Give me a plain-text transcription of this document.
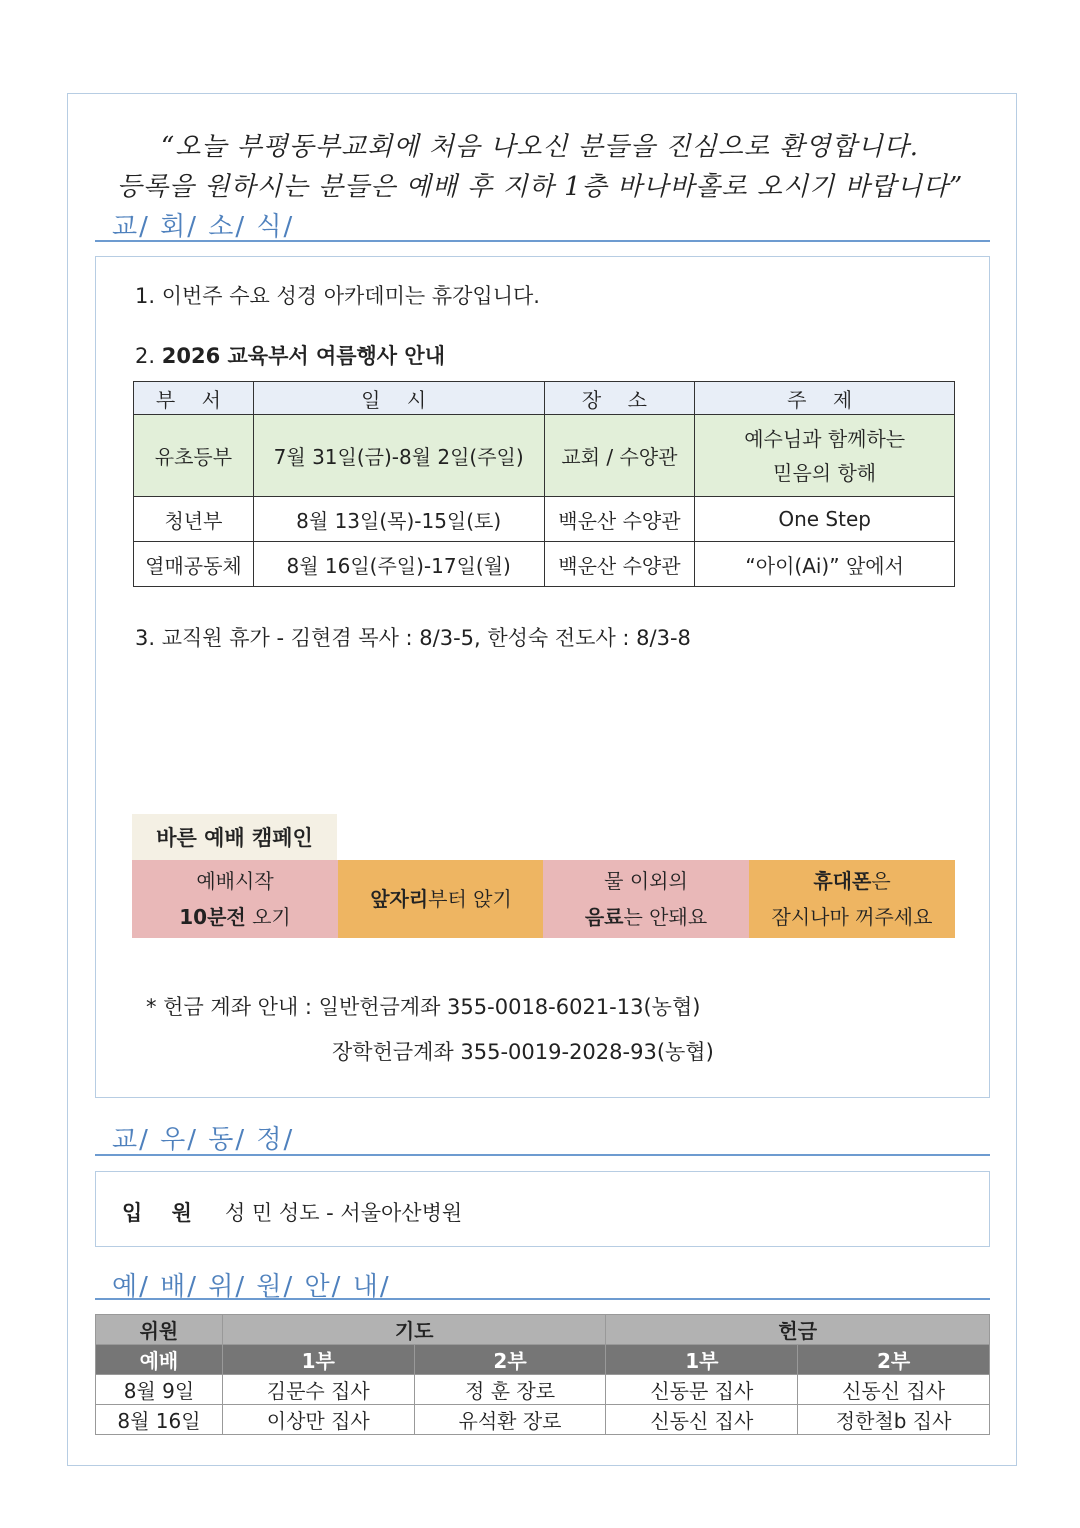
“오늘 부평동부교회에 처음 나오신 분들을 진심으로 환영합니다.
등록을 원하시는 분들은 예배 후 지하 1층 바나바홀로 오시기 바랍니다”
교/ 회/ 소/ 식/
1. 이번주 수요 성경 아카데미는 휴강입니다.
2. 2026 교육부서 여름행사 안내
부 서	일 시	장 소	주 제
유초등부	7월 31일(금)-8월 2일(주일)	교회 / 수양관	예수님과 함께하는
믿음의 항해

청년부	8월 13일(목)-15일(토)	백운산 수양관	One Step
열매공동체	8월 16일(주일)-17일(월)	백운산 수양관	“아이(Ai)” 앞에서
3. 교직원 휴가 - 김현겸 목사 : 8/3-5, 한성숙 전도사 : 8/3-8
바른 예배 캠페인
예배시작
10분전 오기
앞자리부터 앉기
물 이외의
음료는 안돼요
휴대폰은
잠시나마 꺼주세요
* 헌금 계좌 안내 : 일반헌금계좌 355-0018-6021-13(농협)
장학헌금계좌 355-0019-2028-93(농협)
교/ 우/ 동/ 정/
입 원 성 민 성도 - 서울아산병원
예/ 배/ 위/ 원/ 안/ 내/
위원	기도		헌금	
예배	1부	2부	1부	2부
8월 9일	김문수 집사	정 훈 장로	신동문 집사	신동신 집사
8월 16일	이상만 집사	유석환 장로	신동신 집사	정한철b 집사
